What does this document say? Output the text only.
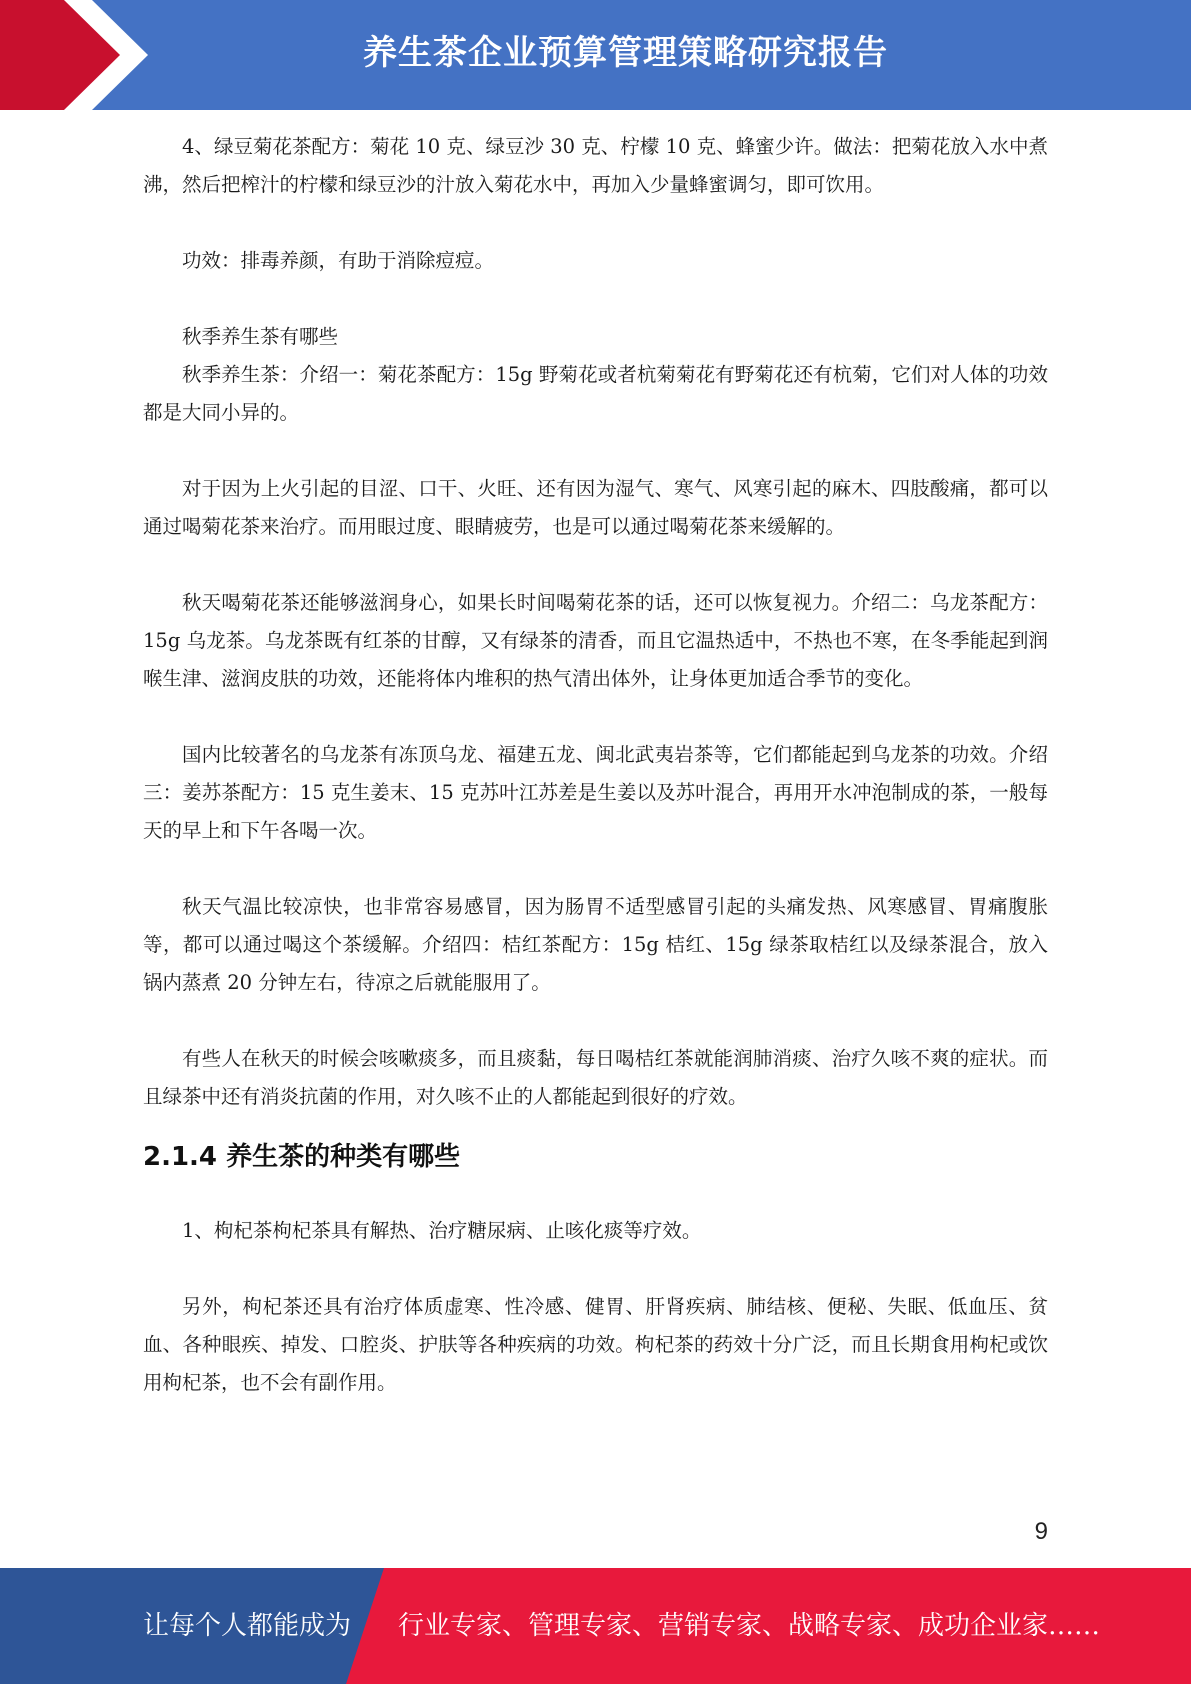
养生茶企业预算管理策略研究报告

4、绿豆菊花茶配方：菊花 10 克、绿豆沙 30 克、柠檬 10 克、蜂蜜少许。做法：把菊花放入水中煮沸，然后把榨汁的柠檬和绿豆沙的汁放入菊花水中，再加入少量蜂蜜调匀，即可饮用。

功效：排毒养颜，有助于消除痘痘。

秋季养生茶有哪些

秋季养生茶：介绍一：菊花茶配方：15g 野菊花或者杭菊菊花有野菊花还有杭菊，它们对人体的功效都是大同小异的。

对于因为上火引起的目涩、口干、火旺、还有因为湿气、寒气、风寒引起的麻木、四肢酸痛，都可以通过喝菊花茶来治疗。而用眼过度、眼睛疲劳，也是可以通过喝菊花茶来缓解的。

秋天喝菊花茶还能够滋润身心，如果长时间喝菊花茶的话，还可以恢复视力。介绍二：乌龙茶配方：15g 乌龙茶。乌龙茶既有红茶的甘醇，又有绿茶的清香，而且它温热适中，不热也不寒，在冬季能起到润喉生津、滋润皮肤的功效，还能将体内堆积的热气清出体外，让身体更加适合季节的变化。

国内比较著名的乌龙茶有冻顶乌龙、福建五龙、闽北武夷岩茶等，它们都能起到乌龙茶的功效。介绍三：姜苏茶配方：15 克生姜末、15 克苏叶江苏差是生姜以及苏叶混合，再用开水冲泡制成的茶，一般每天的早上和下午各喝一次。

秋天气温比较凉快，也非常容易感冒，因为肠胃不适型感冒引起的头痛发热、风寒感冒、胃痛腹胀等，都可以通过喝这个茶缓解。介绍四：桔红茶配方：15g 桔红、15g 绿茶取桔红以及绿茶混合，放入锅内蒸煮 20 分钟左右，待凉之后就能服用了。

有些人在秋天的时候会咳嗽痰多，而且痰黏，每日喝桔红茶就能润肺消痰、治疗久咳不爽的症状。而且绿茶中还有消炎抗菌的作用，对久咳不止的人都能起到很好的疗效。

2.1.4 养生茶的种类有哪些

1、枸杞茶枸杞茶具有解热、治疗糖尿病、止咳化痰等疗效。

另外，枸杞茶还具有治疗体质虚寒、性冷感、健胃、肝肾疾病、肺结核、便秘、失眠、低血压、贫血、各种眼疾、掉发、口腔炎、护肤等各种疾病的功效。枸杞茶的药效十分广泛，而且长期食用枸杞或饮用枸杞茶，也不会有副作用。

9
让每个人都能成为 行业专家、管理专家、营销专家、战略专家、成功企业家……
